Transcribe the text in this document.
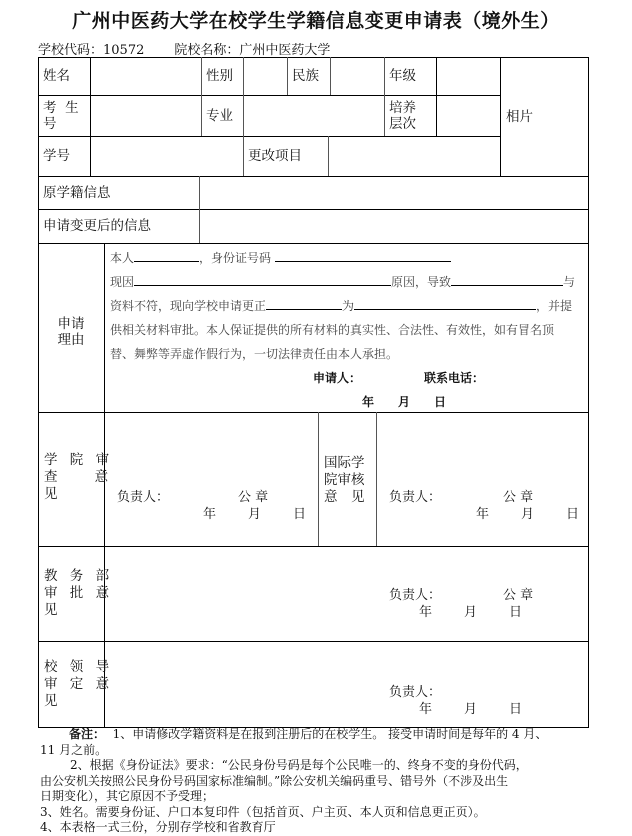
广州中医药大学在校学生学籍信息变更申请表（境外生）
学校代码：10572 院校名称：广州中医药大学
姓名	性别	民族	年级
相片
考  生
号	专业	培养
层次
学号	更改项目
原学籍信息
申请变更后的信息
申请
理由
本人	，身份证号码
现因	原因，导致	与
资料不符，现向学校申请更正	为	，并提
供相关材料审批。本人保证提供的所有材料的真实性、合法性、有效性，如有冒名顶
替、舞弊等弄虚作假行为，一切法律责任由本人承担。
申请人：	联系电话：
年　　月　　日
学 院 审
查    意
见	负责人：	公 章
年　　月　　日
国际学
院审核
意　见	负责人：	公 章
年　　月　　日
教 务 部
审 批 意
见
负责人：	公 章
年　　月　　日
校 领 导
审 定 意
见
负责人：
年　　月　　日
备注： 1、申请修改学籍资料是在报到注册后的在校学生。 接受申请时间是每年的 4 月、
11 月之前。
2、根据《身份证法》要求：“公民身份号码是每个公民唯一的、终身不变的身份代码，
由公安机关按照公民身份号码国家标准编制。”除公安机关编码重号、错号外（不涉及出生
日期变化），其它原因不予受理；
3、姓名。需要身份证、户口本复印件（包括首页、户主页、本人页和信息更正页）。
4、本表格一式三份，分别存学校和省教育厅
